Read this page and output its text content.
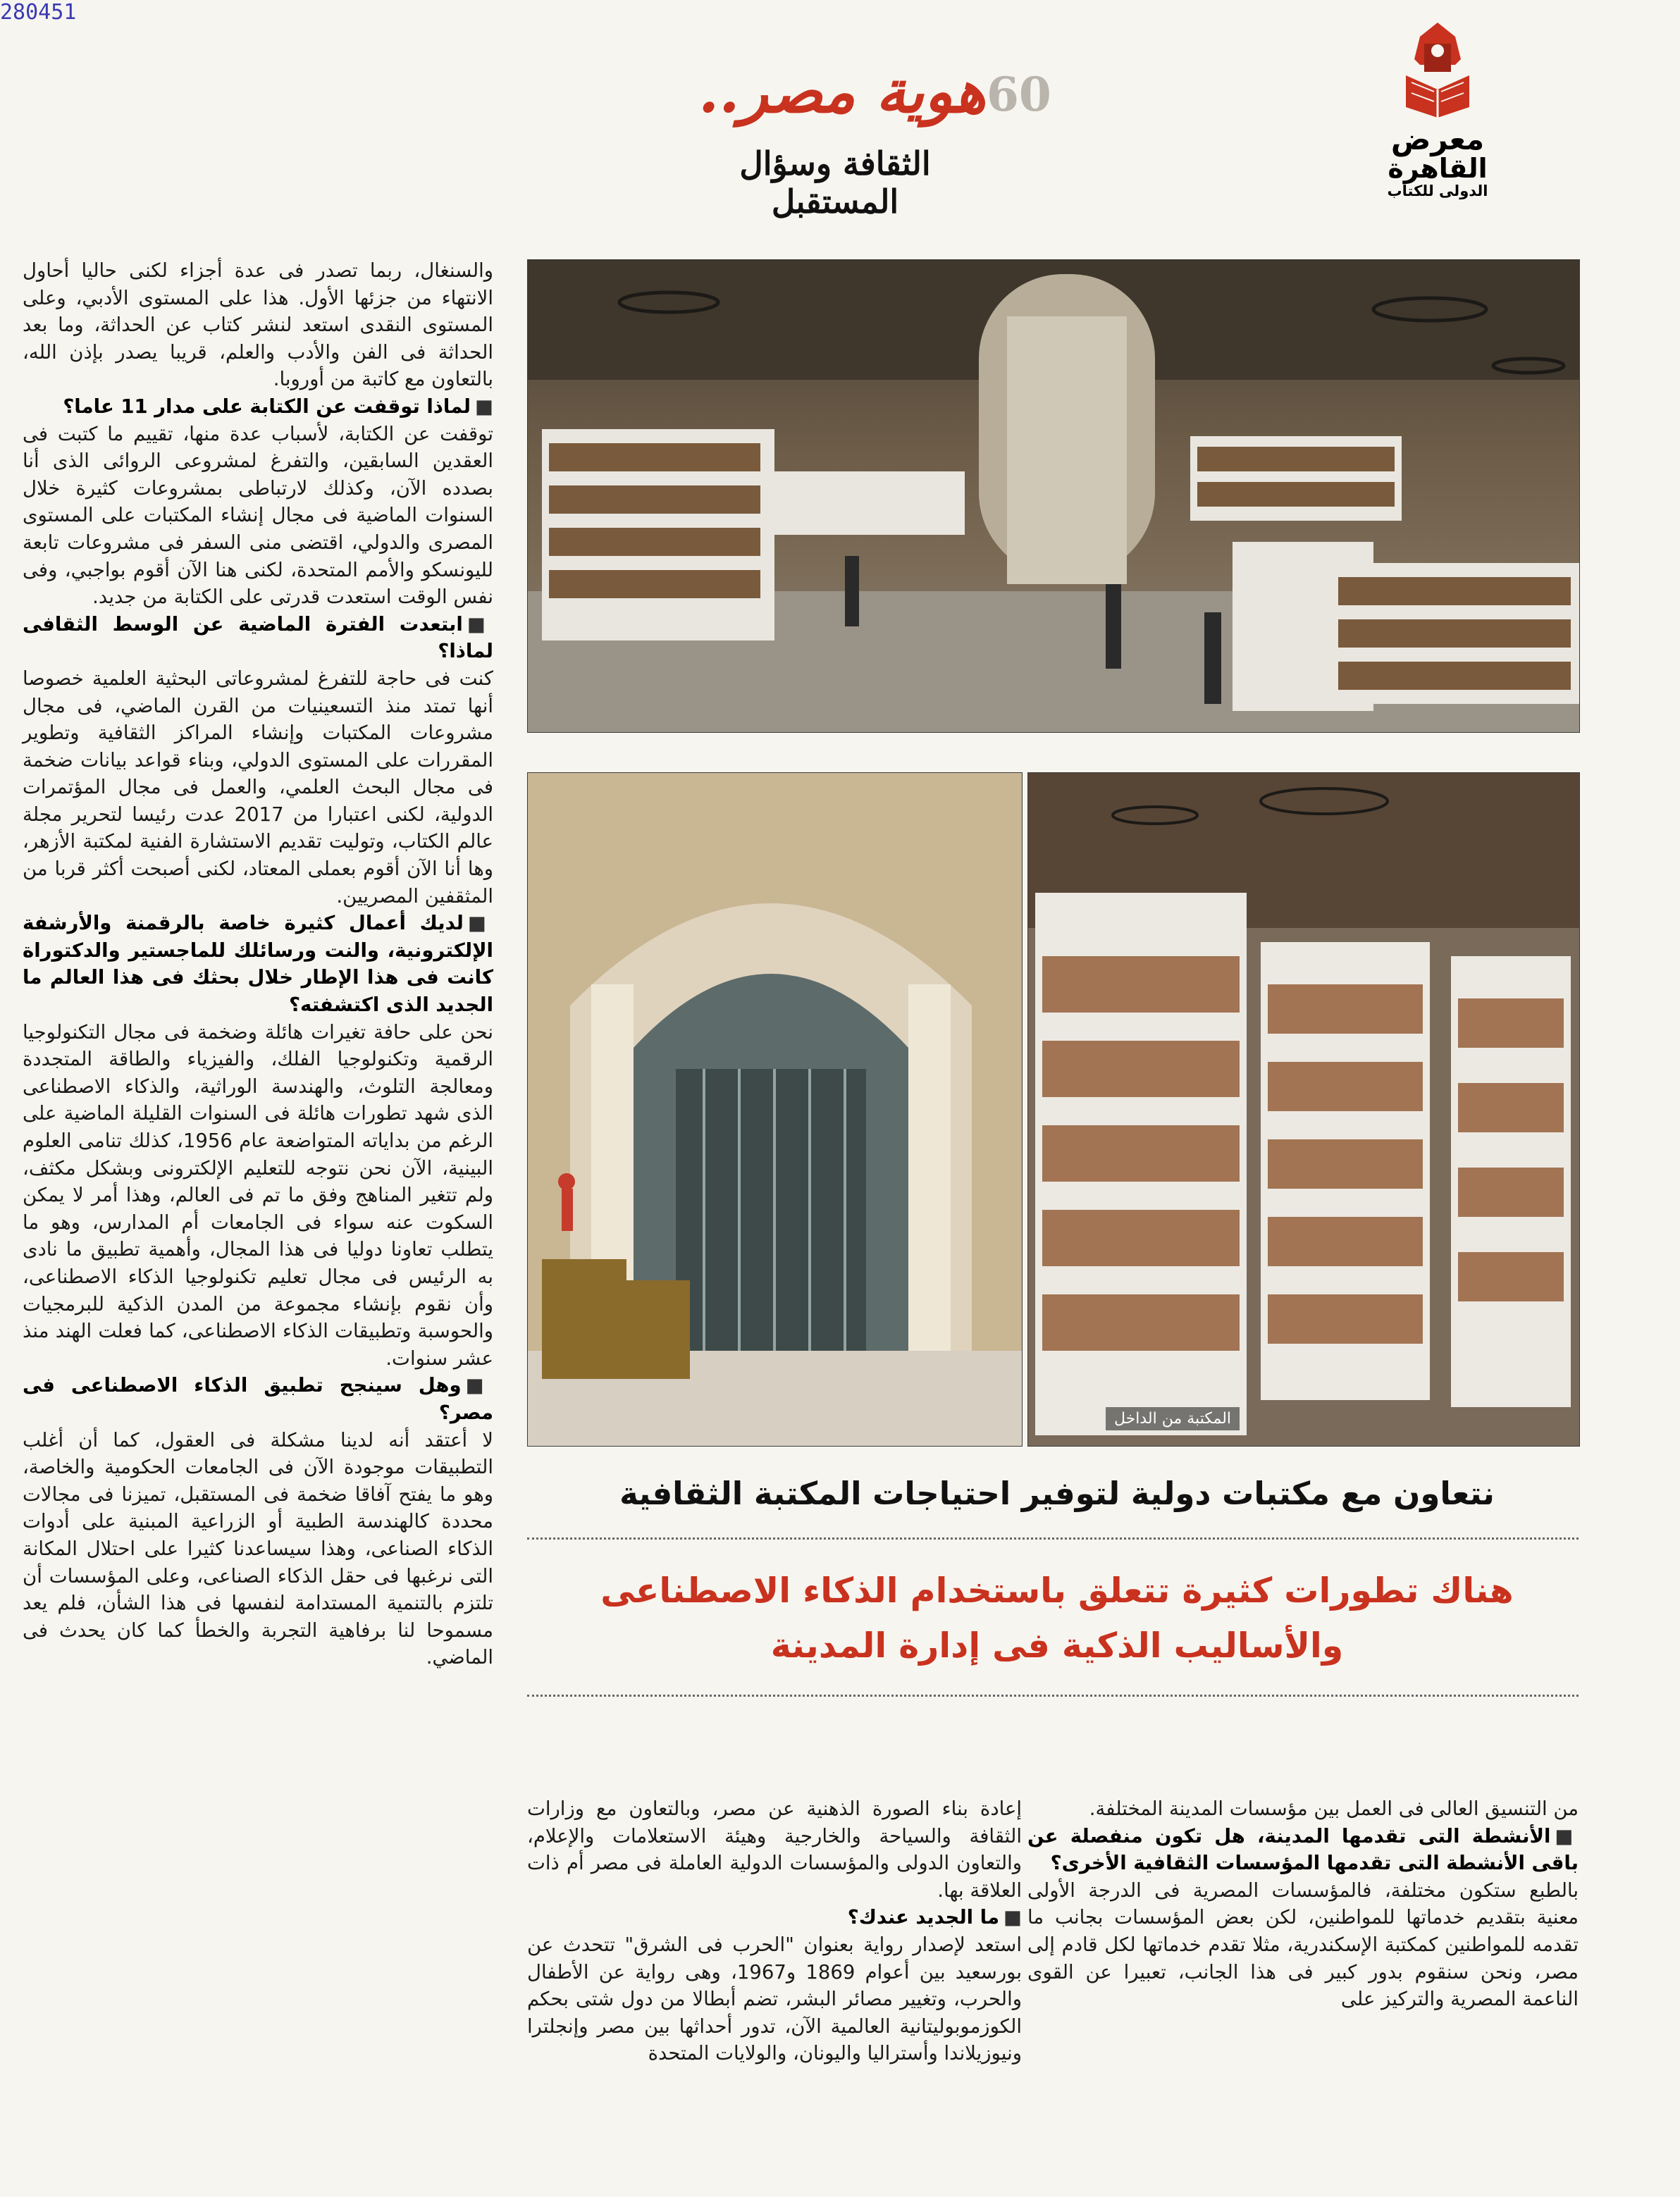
280451
60
هوية مصر..
الثقافة وسؤال المستقبل
معرض
القاهرة
الدولى للكتاب
المكتبة من الداخل
نتعاون مع مكتبات دولية لتوفير احتياجات المكتبة الثقافية
هناك تطورات كثيرة تتعلق باستخدام الذكاء الاصطناعى
والأساليب الذكية فى إدارة المدينة

والسنغال، ربما تصدر فى عدة أجزاء لكنى حاليا أحاول الانتهاء من جزئها الأول. هذا على المستوى الأدبي، وعلى المستوى النقدى استعد لنشر كتاب عن الحداثة، وما بعد الحداثة فى الفن والأدب والعلم، قريبا يصدر بإذن الله، بالتعاون مع كاتبة من أوروبا.

■لماذا توقفت عن الكتابة على مدار 11 عاما؟

توقفت عن الكتابة، لأسباب عدة منها، تقييم ما كتبت فى العقدين السابقين، والتفرغ لمشروعى الروائى الذى أنا بصدده الآن، وكذلك لارتباطى بمشروعات كثيرة خلال السنوات الماضية فى مجال إنشاء المكتبات على المستوى المصرى والدولي، اقتضى منى السفر فى مشروعات تابعة لليونسكو والأمم المتحدة، لكنى هنا الآن أقوم بواجبي، وفى نفس الوقت استعدت قدرتى على الكتابة من جديد.

■ابتعدت الفترة الماضية عن الوسط الثقافى لماذا؟

كنت فى حاجة للتفرغ لمشروعاتى البحثية العلمية خصوصا أنها تمتد منذ التسعينيات من القرن الماضي، فى مجال مشروعات المكتبات وإنشاء المراكز الثقافية وتطوير المقررات على المستوى الدولي، وبناء قواعد بيانات ضخمة فى مجال البحث العلمي، والعمل فى مجال المؤتمرات الدولية، لكنى اعتبارا من 2017 عدت رئيسا لتحرير مجلة عالم الكتاب، وتوليت تقديم الاستشارة الفنية لمكتبة الأزهر، وها أنا الآن أقوم بعملى المعتاد، لكنى أصبحت أكثر قربا من المثقفين المصريين.

■لديك أعمال كثيرة خاصة بالرقمنة والأرشفة الإلكترونية، والنت ورسائلك للماجستير والدكتوراة كانت فى هذا الإطار خلال بحثك فى هذا العالم ما الجديد الذى اكتشفته؟

نحن على حافة تغيرات هائلة وضخمة فى مجال التكنولوجيا الرقمية وتكنولوجيا الفلك، والفيزياء والطاقة المتجددة ومعالجة التلوث، والهندسة الوراثية، والذكاء الاصطناعى الذى شهد تطورات هائلة فى السنوات القليلة الماضية على الرغم من بداياته المتواضعة عام 1956، كذلك تنامى العلوم البينية، الآن نحن نتوجه للتعليم الإلكترونى وبشكل مكثف، ولم تتغير المناهج وفق ما تم فى العالم، وهذا أمر لا يمكن السكوت عنه سواء فى الجامعات أم المدارس، وهو ما يتطلب تعاونا دوليا فى هذا المجال، وأهمية تطبيق ما نادى به الرئيس فى مجال تعليم تكنولوجيا الذكاء الاصطناعى، وأن نقوم بإنشاء مجموعة من المدن الذكية للبرمجيات والحوسبة وتطبيقات الذكاء الاصطناعى، كما فعلت الهند منذ عشر سنوات.

■وهل سينجح تطبيق الذكاء الاصطناعى فى مصر؟

لا أعتقد أنه لدينا مشكلة فى العقول، كما أن أغلب التطبيقات موجودة الآن فى الجامعات الحكومية والخاصة، وهو ما يفتح آفاقا ضخمة فى المستقبل، تميزنا فى مجالات محددة كالهندسة الطبية أو الزراعية المبنية على أدوات الذكاء الصناعى، وهذا سيساعدنا كثيرا على احتلال المكانة التى نرغبها فى حقل الذكاء الصناعى، وعلى المؤسسات أن تلتزم بالتنمية المستدامة لنفسها فى هذا الشأن، فلم يعد مسموحا لنا برفاهية التجربة والخطأ كما كان يحدث فى الماضي.

إعادة بناء الصورة الذهنية عن مصر، وبالتعاون مع وزارات الثقافة والسياحة والخارجية وهيئة الاستعلامات والإعلام، والتعاون الدولى والمؤسسات الدولية العاملة فى مصر أم ذات العلاقة بها.

■ما الجديد عندك؟

استعد لإصدار رواية بعنوان "الحرب فى الشرق" تتحدث عن بورسعيد بين أعوام 1869 و1967، وهى رواية عن الأطفال والحرب، وتغيير مصائر البشر، تضم أبطالا من دول شتى بحكم الكوزموبوليتانية العالمية الآن، تدور أحداثها بين مصر وإنجلترا ونيوزيلاندا وأستراليا واليونان، والولايات المتحدة

من التنسيق العالى فى العمل بين مؤسسات المدينة المختلفة.

■الأنشطة التى تقدمها المدينة، هل تكون منفصلة عن باقى الأنشطة التى تقدمها المؤسسات الثقافية الأخرى؟

بالطبع ستكون مختلفة، فالمؤسسات المصرية فى الدرجة الأولى معنية بتقديم خدماتها للمواطنين، لكن بعض المؤسسات بجانب ما تقدمه للمواطنين كمكتبة الإسكندرية، مثلا تقدم خدماتها لكل قادم إلى مصر، ونحن سنقوم بدور كبير فى هذا الجانب، تعبيرا عن القوى الناعمة المصرية والتركيز على
